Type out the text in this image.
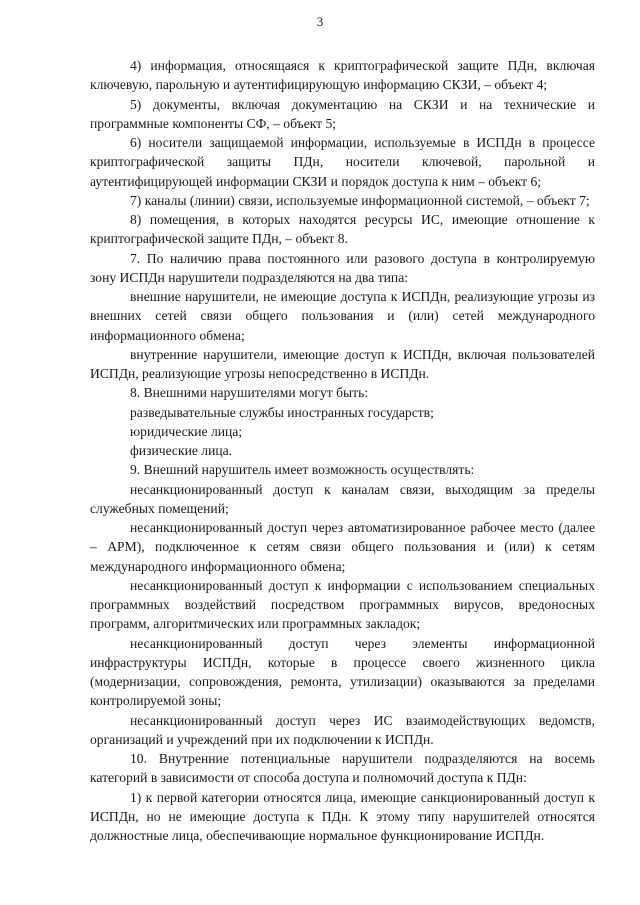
3

4) информация, относящаяся к криптографической защите ПДн, включая ключевую, парольную и аутентифицирующую информацию СКЗИ, – объект 4;

5) документы, включая документацию на СКЗИ и на технические и программные компоненты СФ, – объект 5;

6) носители защищаемой информации, используемые в ИСПДн в процессе криптографической защиты ПДн, носители ключевой, парольной и аутентифицирующей информации СКЗИ и порядок доступа к ним – объект 6;

7) каналы (линии) связи, используемые информационной системой, – объект 7;

8) помещения, в которых находятся ресурсы ИС, имеющие отношение к криптографической защите ПДн, – объект 8.

7. По наличию права постоянного или разового доступа в контролируемую зону ИСПДн нарушители подразделяются на два типа:

внешние нарушители, не имеющие доступа к ИСПДн, реализующие угрозы из внешних сетей связи общего пользования и (или) сетей международного информационного обмена;

внутренние нарушители, имеющие доступ к ИСПДн, включая пользователей ИСПДн, реализующие угрозы непосредственно в ИСПДн.

8. Внешними нарушителями могут быть:

разведывательные службы иностранных государств;

юридические лица;

физические лица.

9. Внешний нарушитель имеет возможность осуществлять:

несанкционированный доступ к каналам связи, выходящим за пределы служебных помещений;

несанкционированный доступ через автоматизированное рабочее место (далее – АРМ), подключенное к сетям связи общего пользования и (или) к сетям международного информационного обмена;

несанкционированный доступ к информации с использованием специальных программных воздействий посредством программных вирусов, вредоносных программ, алгоритмических или программных закладок;

несанкционированный доступ через элементы информационной инфраструктуры ИСПДн, которые в процессе своего жизненного цикла (модернизации, сопровождения, ремонта, утилизации) оказываются за пределами контролируемой зоны;

несанкционированный доступ через ИС взаимодействующих ведомств, организаций и учреждений при их подключении к ИСПДн.

10. Внутренние потенциальные нарушители подразделяются на восемь категорий в зависимости от способа доступа и полномочий доступа к ПДн:

1) к первой категории относятся лица, имеющие санкционированный доступ к ИСПДн, но не имеющие доступа к ПДн. К этому типу нарушителей относятся должностные лица, обеспечивающие нормальное функционирование ИСПДн.
